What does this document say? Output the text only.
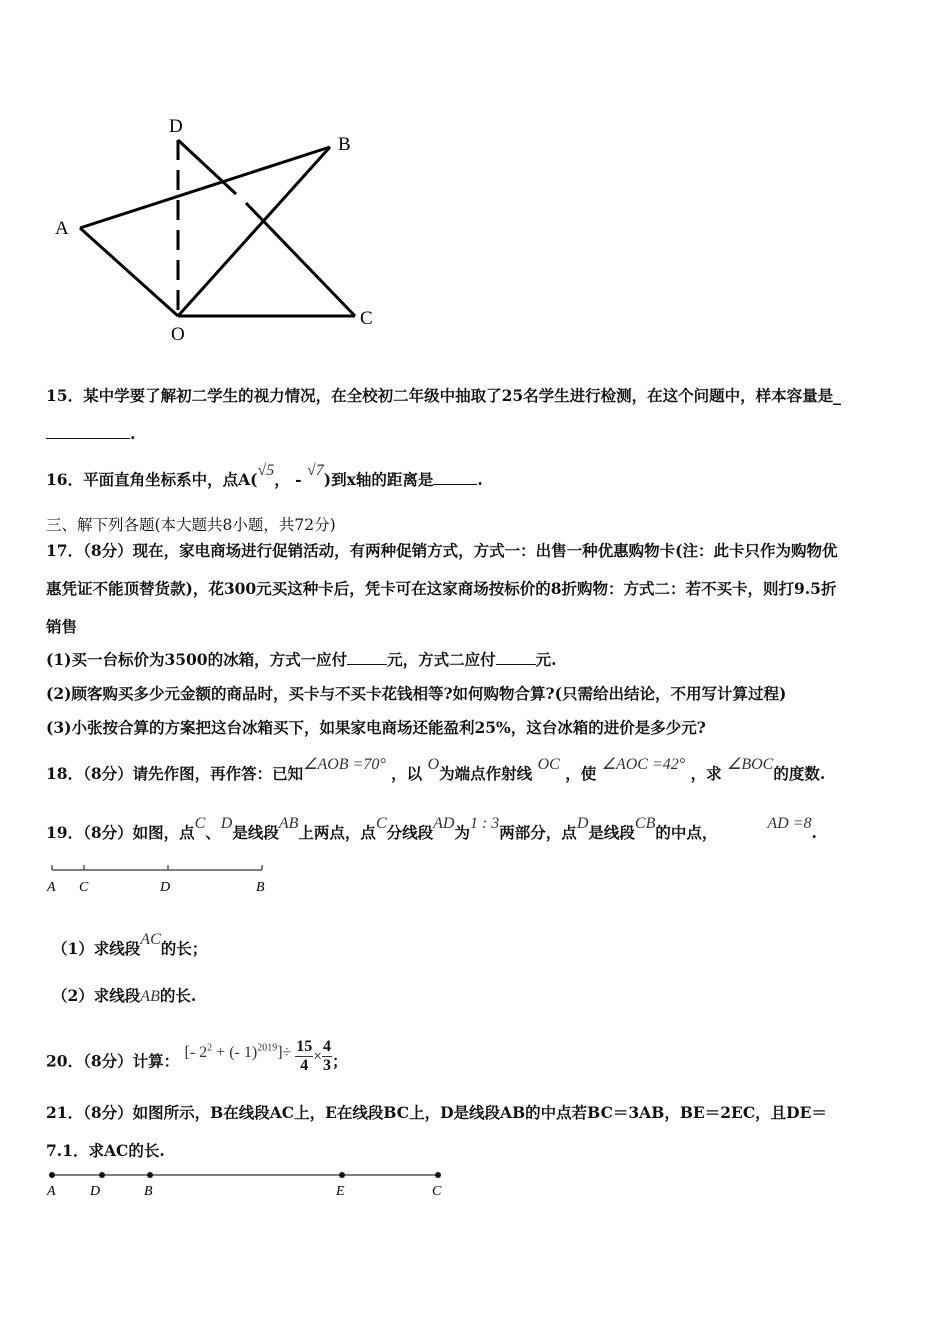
D
B
A
O
C
15．某中学要了解初二学生的视力情况，在全校初二年级中抽取了25名学生进行检测，在这个问题中，样本容量是_
.
16．平面直角坐标系中，点A(√5， - √7)到x轴的距离是	.
三、解下列各题(本大题共8小题，共72分)
17．（8分）现在，家电商场进行促销活动，有两种促销方式，方式一：出售一种优惠购物卡(注：此卡只作为购物优
惠凭证不能顶替货款)，花300元买这种卡后，凭卡可在这家商场按标价的8折购物：方式二：若不买卡，则打9.5折
销售
(1)买一台标价为3500的冰箱，方式一应付	元，方式二应付	元.
(2)顾客购买多少元金额的商品时，买卡与不买卡花钱相等?如何购物合算?(只需给出结论，不用写计算过程)
(3)小张按合算的方案把这台冰箱买下，如果家电商场还能盈利25%，这台冰箱的进价是多少元?
18．（8分）请先作图，再作答：已知∠AOB =70° ，以 O为端点作射线 OC ，使 ∠AOC =42° ，求 ∠BOC的度数.
19．（8分）如图，点C、D是线段AB上两点，点C分线段AD为1 : 3两部分，点D是线段CB的中点，	AD =8.
A C	D	B
（1）求线段AC的长；
（2）求线段AB的长.
20．（8分）计算： [- $2^2$ + (- $1)^{2019}]\div \frac{15}{4} \times \frac{4}{3}$ ；
21．（8分）如图所示，B在线段AC上，E在线段BC上，D是线段AB的中点若BC＝3AB，BE＝2EC，且DE＝
7.1．求AC的长.
A D	B	E	C
